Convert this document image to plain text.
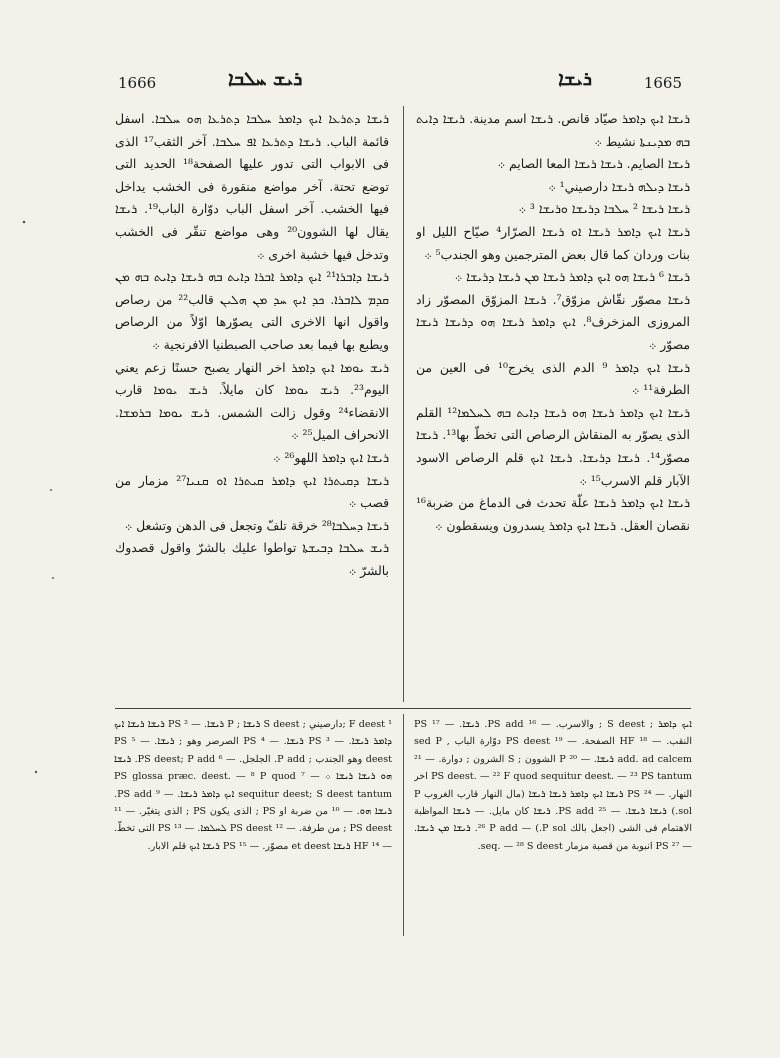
1666	ܪܝܫ ܚܠܒܐ	ܪܝܫܐ	1665
ܪܝܫܐ ܕܬܪܥܐ ܐܝܟ ܕܐܡܪ ܚܠܒܐ ܕܬܪܥܐ ܗܘ ܚܠܒܐ. اسفل قائمة الباب. ܪܝܫܐ ܕܬܪܥܐ ܐܦ ܚܠܒܐ. آخر الثقب¹⁷ الذى فى الابواب التى تدور عليها الصفحة¹⁸ الحديد التى توضع تحتة. آخر مواضع منقورة فى الخشب يداخل فيها الخشب. آخر اسفل الباب دوّارة الباب¹⁹. ܪܝܫܐ يقال لها الشوون²⁰ وهى مواضع تنقّر فى الخشب وتدخل فيها خشبة اخرى ܀
ܪܝܫܐ ܕܐܒܪܐ²¹ ܐܝܟ ܕܐܡܪ ܐܒܪܐ ܕܐܝܬ ܒܗ ܪܝܫܐ ܕܐܝܬ ܒܗ ܡܢ ܩܕܡ ܠܐܒܪܐ. ܟܕ ܐܝܟ ܚܕ ܡܢ ܗܠܝܢ قالب²² من رصاص واقول انها الاخرى التى يصوّرها اوّلاً من الرصاص ويطبع بها فيما بعد صاحب الصبطنيا الافرنجية ܀
ܪܝܫ ܝܘܡܐ ܐܝܟ ܕܐܡܪ اخر النهار يصبح حسنًا زعم يعني اليوم²³. ܪܝܫ ܝܘܡܐ كان مايلاً. ܪܝܫ ܝܘܡܐ قارب الانقضاء²⁴ وقول زالت الشمس. ܪܝܫ ܝܘܡܐ ܒܪܡܫܐ. الانحراف الميل²⁵ ܀
ܪܝܫܐ ܐܝܟ ܕܐܡܪ اللهو²⁶ ܀
ܪܝܫܐ ܕܩܝܬܪܐ ܐܝܟ ܕܐܡܪ ܩܝܬܪܐ ܐܘ ܩܢܝܐ²⁷ مزمار من قصب ܀
ܪܝܫܐ ܕܚܠܒܐ²⁸ خرقة تلفّ وتجعل فى الدهن وتشعل ܀
ܪܝܫ ܚܠܒܐ ܕܒܝܫܬܐ تواطوا عليك بالشرّ واقول قصدوك بالشرّ ܀
ܪܝܫܐ ܐܝܟ ܕܐܡܪ صيّاد قانص. ܪܝܫܐ اسم مدينة. ܪܝܫܐ ܕܐܝܬ ܒܗ ܡܕܝܢܬܐ نشيط ܀
ܪܝܫܐ الصايم. ܪܝܫܐ ܪܝܫܐ المعا الصايم ܀
ܪܝܫܐ ܕܝܠܗ ܪܝܫܐ دارصيني¹ ܀
ܪܝܫܐ ܪܝܫܐ ² ܚܠܒܐ ܕܪܝܫܐ ܘܪܝܫܐ ³ ܀
ܪܝܫܐ ܐܝܟ ܕܐܡܪ ܪܝܫܐ ܐܘ ܪܝܫܐ الصرّار⁴ صيّاح الليل او بنات وردان كما قال بعض المترجمين وهو الجندب⁵ ܀
ܪܝܫܐ ⁶ ܪܝܫܐ ܗܘ ܐܝܟ ܕܐܡܪ ܪܝܫܐ ܡܢ ܪܝܫܐ ܕܪܝܫܐ ܀
ܪܝܫܐ مصوّر نقّاش مزوّق⁷. ܪܝܫܐ المزوّق المصوّر زاد المروزى المزخرف⁸. ܐܝܟ ܕܐܡܪ ܪܝܫܐ ܗܘ ܕܪܝܫܐ ܪܝܫܐ مصوّر ܀
ܪܝܫܐ ܐܝܟ ܕܐܡܪ ⁹ الدم الذى يخرج¹⁰ فى العين من الطرفة¹¹ ܀
ܪܝܫܐ ܐܝܟ ܕܐܡܪ ܪܝܫܐ ܗܘ ܪܝܫܐ ܕܐܝܬ ܒܗ ܠܚܠܡܐ¹² القلم الذى يصوّر به المنقاش الرصاص التى تخطّ بها¹³. ܪܝܫܐ مصوّر¹⁴. ܪܝܫܐ ܕܪܝܫܐ. ܪܝܫܐ ܐܝܟ قلم الرصاص الاسود الآبار قلم الاسرب¹⁵ ܀
ܪܝܫܐ ܐܝܟ ܕܐܡܪ ܪܝܫܐ علّة تحدث فى الدماغ من ضربة¹⁶ نقصان العقل. ܪܝܫܐ ܐܝܟ ܕܐܡܪ يسدرون ويسقطون ܀
¹ F deest ;دارصيني ; S deest ܪܝܫܐ ; P ܪܝܫܐ. — ² PS ܪܝܫܐ ܪܝܫܐ ܐܝܟ ܕܐܡܪ ܪܝܫܐ. — ³ PS ܪܝܫܐ. — ⁴ PS الصرصر وهو ; ܪܝܫܐ. — ⁵ PS deest وهو الجندب ; P add. الجلجل. — ⁶ PS deest; P add. ܪܝܫܐ ܗܘ ܪܝܫܐ ܪܝܫܐ ܀ — ⁷ PS glossa præc. deest. — ⁸ P quod sequitur deest; S deest tantum ܐܝܟ ܕܐܡܪ ܪܝܫܐ. — ⁹ PS add. ܪܝܫܐ ܗܘ. — ¹⁰ من ضربة او PS ; الذى يكون PS ; الذى يتغيّر. — ¹¹ PS deest ; من طرفة. — ¹² PS deest ܠܚܠܡܐ. — ¹³ PS التى تخطّ. — ¹⁴ HF ܪܝܫܐ et deest مصوّر. — ¹⁵ PS ܪܝܫܐ ܐܝܟ قلم الابار.
ܐܝܟ ܕܐܡܪ ; S deest ; والاسرب. — ¹⁶ PS add. ܪܝܫܐ. — ¹⁷ PS النقب. — ¹⁸ HF الصفحة. — ¹⁹ PS deest دوّارة الباب , sed P add. ad calcem ܪܝܫܐ. — ²⁰ P الشوون ; S الشرون ; دوارة. — ²¹ PS deest. — ²² F quod sequitur deest. — ²³ PS tantum اخر النهار. — ²⁴ PS ܪܝܫܐ ܐܝܟ ܕܐܡܪ ܪܝܫܐ ܪܝܫܐ (مال النهار قارب الغروب P sol.) ܪܝܫܐ ܪܝܫܐ. — ²⁵ PS add. ܪܝܫܐ كان مايل. — ܪܝܫܐ المواظبة الاهتمام فى الشى (اجعل بالك P sol.) — ²⁶ P add. ܪܝܫܐ ܡܢ ܪܝܫܐ. — ²⁷ PS انبوبة من قصبة مزمار seq. — ²⁸ S deest.
